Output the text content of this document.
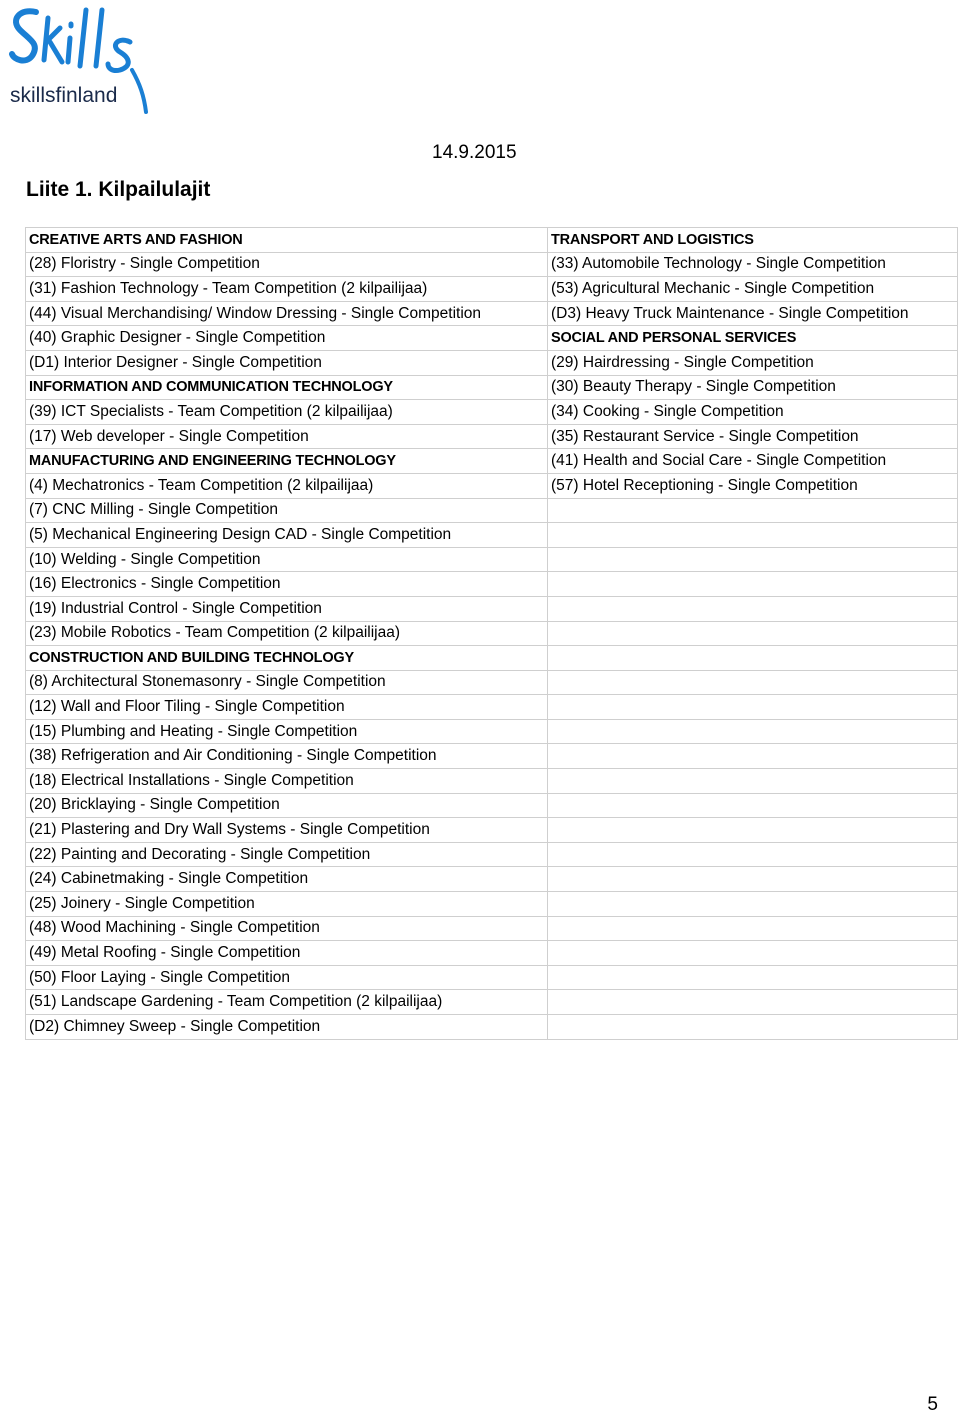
skillsfinland
14.9.2015
Liite 1. Kilpailulajit
CREATIVE ARTS AND FASHION	TRANSPORT AND LOGISTICS
(28) Floristry - Single Competition	(33) Automobile Technology - Single Competition
(31) Fashion Technology - Team Competition (2 kilpailijaa)	(53) Agricultural Mechanic - Single Competition
(44) Visual Merchandising/ Window Dressing - Single Competition	(D3) Heavy Truck Maintenance - Single Competition
(40) Graphic Designer - Single Competition	SOCIAL AND PERSONAL SERVICES
(D1) Interior Designer - Single Competition	(29) Hairdressing - Single Competition
INFORMATION AND COMMUNICATION TECHNOLOGY	(30) Beauty Therapy - Single Competition
(39) ICT Specialists - Team Competition (2 kilpailijaa)	(34) Cooking - Single Competition
(17) Web developer - Single Competition	(35) Restaurant Service - Single Competition
MANUFACTURING AND ENGINEERING TECHNOLOGY	(41) Health and Social Care - Single Competition
(4) Mechatronics - Team Competition (2 kilpailijaa)	(57) Hotel Receptioning - Single Competition
(7) CNC Milling - Single Competition	
(5) Mechanical Engineering Design CAD - Single Competition	
(10) Welding - Single Competition	
(16) Electronics - Single Competition	
(19) Industrial Control - Single Competition	
(23) Mobile Robotics - Team Competition (2 kilpailijaa)	
CONSTRUCTION AND BUILDING TECHNOLOGY	
(8) Architectural Stonemasonry - Single Competition	
(12) Wall and Floor Tiling - Single Competition	
(15) Plumbing and Heating - Single Competition	
(38) Refrigeration and Air Conditioning - Single Competition	
(18) Electrical Installations - Single Competition	
(20) Bricklaying - Single Competition	
(21) Plastering and Dry Wall Systems - Single Competition	
(22) Painting and Decorating - Single Competition	
(24) Cabinetmaking - Single Competition	
(25) Joinery - Single Competition	
(48) Wood Machining - Single Competition	
(49) Metal Roofing - Single Competition	
(50) Floor Laying - Single Competition	
(51) Landscape Gardening - Team Competition (2 kilpailijaa)	
(D2) Chimney Sweep - Single Competition	
5
